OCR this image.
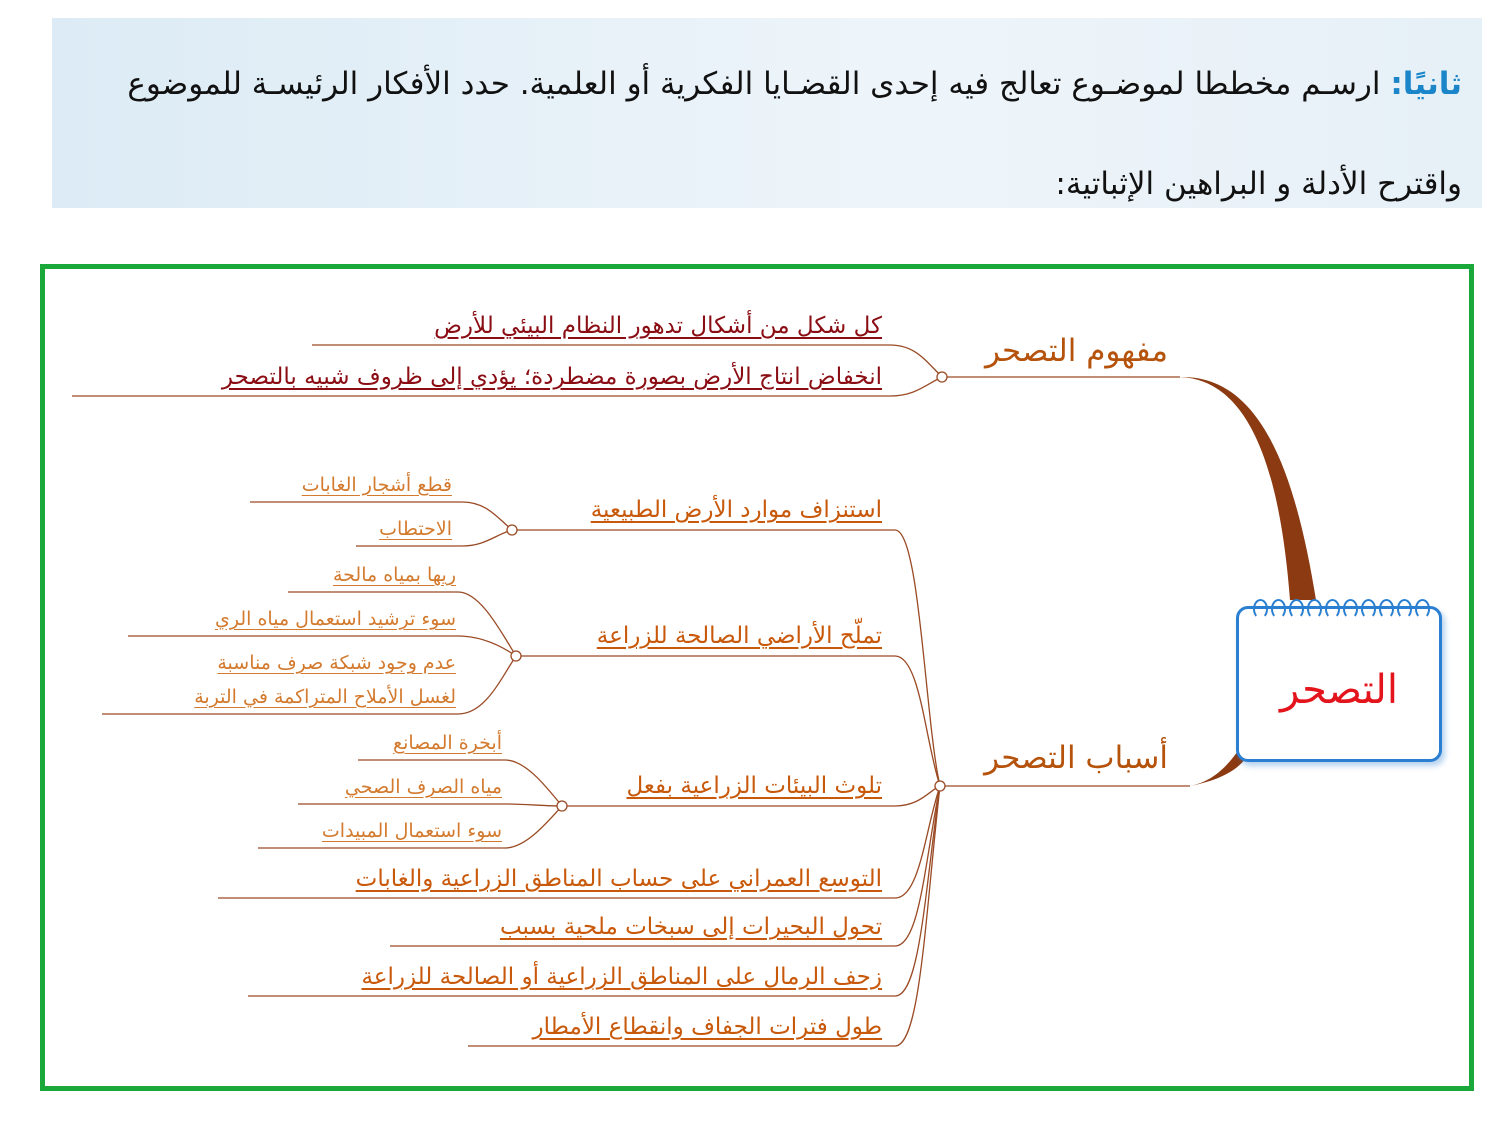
ثانيًا: ارسـم مخططا لموضـوع تعالج فيه إحدى القضـايا الفكرية أو العلمية. حدد الأفكار الرئيسـة للموضوع
واقترح الأدلة و البراهين الإثباتية:
التصحر
مفهوم التصحر
كل شكل من أشكال تدهور النظام البيئي للأرض
انخفاض انتاج الأرض بصورة مضطردة؛ يؤدي إلى ظروف شبيه بالتصحر
أسباب التصحر
استنزاف موارد الأرض الطبيعية
تملّح الأراضي الصالحة للزراعة
تلوث البيئات الزراعية بفعل
التوسع العمراني على حساب المناطق الزراعية والغابات
تحول البحيرات إلى سبخات ملحية بسبب
زحف الرمال على المناطق الزراعية أو الصالحة للزراعة
طول فترات الجفاف وانقطاع الأمطار
قطع أشجار الغابات
الاحتطاب
ريها بمياه مالحة
سوء ترشيد استعمال مياه الري
عدم وجود شبكة صرف مناسبة
لغسل الأملاح المتراكمة في التربة
أبخرة المصانع
مياه الصرف الصحي
سوء استعمال المبيدات
